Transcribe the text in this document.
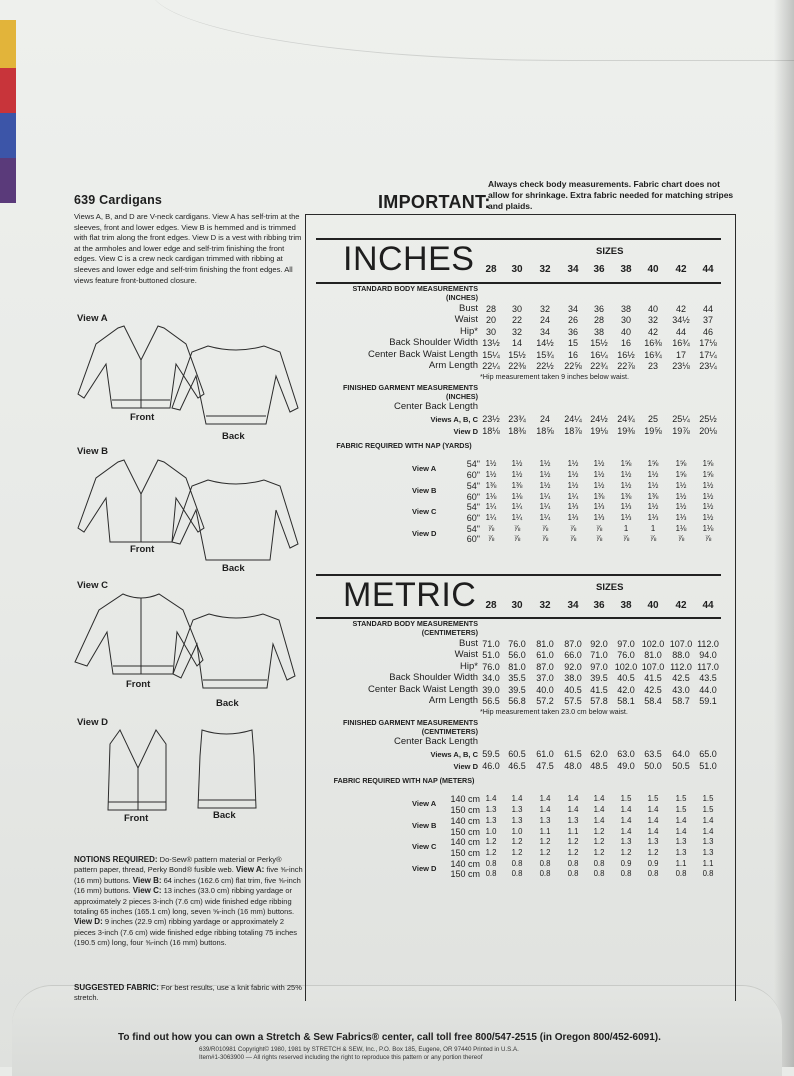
639 Cardigans

Views A, B, and D are V-neck cardigans. View A has self-trim at the sleeves, front and lower edges. View B is hemmed and is trimmed with flat trim along the front edges. View D is a vest with ribbing trim at the armholes and lower edge and self-trim finishing the front edges. View C is a crew neck cardigan trimmed with ribbing at sleeves and lower edge and self-trim finishing the front edges. All views feature front-buttoned closure.

View A
Front
Back
View B
Front
Back
View C
Front
Back
View D
Front	Back

NOTIONS REQUIRED: Do-Sew® pattern material or Perky® pattern paper, thread, Perky Bond® fusible web. View A: five ⅝-inch (16 mm) buttons. View B: 64 inches (162.6 cm) flat trim, five ⅝-inch (16 mm) buttons. View C: 13 inches (33.0 cm) ribbing yardage or approximately 2 pieces 3-inch (7.6 cm) wide finished edge ribbing totaling 65 inches (165.1 cm) long, seven ⅝-inch (16 mm) buttons. View D: 9 inches (22.9 cm) ribbing yardage or approximately 2 pieces 3-inch (7.6 cm) wide finished edge ribbing totaling 75 inches (190.5 cm) long, four ⅝-inch (16 mm) buttons.

SUGGESTED FABRIC: For best results, use a knit fabric with 25% stretch.

IMPORTANT:

Always check body measurements. Fabric chart does not allow for shrinkage. Extra fabric needed for matching stripes and plaids.

INCHES	SIZES
METRIC	SIZES

To find out how you can own a Stretch & Sew Fabrics® center, call toll free 800/547-2515 (in Oregon 800/452-6091).

639/R010981 Copyright© 1980, 1981 by STRETCH & SEW, Inc., P.O. Box 185, Eugene, OR 97440 Printed in U.S.A.
Item#1-3063900 — All rights reserved including the right to reproduce this pattern or any portion thereof

28	30	32	34	36	38	40	42	44
28	30	32	34	36	38	40	42	44
STANDARD BODY MEASUREMENTS (INCHES)
Bust 28	30	32	34	36	38	40	42	44
Waist 20	22	24	26	28	30	32	34½	37
Hip* 30	32	34	36	38	40	42	44	46
Back Shoulder Width 13½	14	14½	15	15½	16	16⅜	16¾	17⅛
Center Back Waist Length 15¼ 15½	15¾	16	16¼	16½	16¾	17	17¼
Arm Length 22¼ 22⅜	22½	22⅝ 22¾	22⅞	23	23⅛	23¼
*Hip measurement taken 9 inches below waist.
FINISHED GARMENT MEASUREMENTS (INCHES)
Center Back Length
Views A, B, C 23½ 23¾	24	24¼ 24½	24¾	25	25¼	25½
View D 18⅛ 18⅜	18⅝	18⅞ 19⅛	19⅜	19⅝	19⅞	20⅛
FABRIC REQUIRED WITH NAP (YARDS)
View A	54" 1½	1½	1½	1½	1½	1⅝	1⅝	1⅝	1⅝
60" 1½	1½	1½	1½	1½	1½	1½	1⅝	1⅝
View B	54" 1⅜	1⅜	1½	1½	1½	1½	1½	1½	1½
60" 1⅛	1⅛	1¼	1¼	1⅜	1⅜	1⅜	1½	1½
View C	54" 1¼	1¼	1¼	1⅓	1⅓	1⅓	1½	1½	1½
60" 1¼	1¼	1¼	1⅓	1⅓	1⅓	1⅓	1⅓	1½
View D	54" ⅞	⅞	⅞	⅞	⅞	1	1	1⅛	1⅛
60" ⅞	⅞	⅞	⅞	⅞	⅞	⅞	⅞	⅞
STANDARD BODY MEASUREMENTS (CENTIMETERS)
Bust 71.0 76.0	81.0	87.0 92.0	97.0 102.0 107.0 112.0
Waist 51.0 56.0	61.0	66.0 71.0	76.0	81.0	88.0	94.0
Hip* 76.0 81.0	87.0	92.0 97.0 102.0 107.0 112.0 117.0
Back Shoulder Width 34.0 35.5	37.0	38.0 39.5	40.5	41.5	42.5	43.5
Center Back Waist Length 39.0 39.5	40.0	40.5 41.5	42.0	42.5	43.0	44.0
Arm Length 56.5 56.8	57.2	57.5 57.8	58.1	58.4	58.7	59.1
*Hip measurement taken 23.0 cm below waist.
FINISHED GARMENT MEASUREMENTS (CENTIMETERS)
Center Back Length
Views A, B, C 59.5 60.5	61.0	61.5 62.0	63.0	63.5	64.0	65.0
View D 46.0 46.5	47.5	48.0 48.5	49.0	50.0	50.5	51.0
FABRIC REQUIRED WITH NAP (METERS)
View A 140 cm 1.4	1.4	1.4	1.4	1.4	1.5	1.5	1.5	1.5
150 cm 1.3	1.3	1.4	1.4	1.4	1.4	1.4	1.5	1.5
View B 140 cm 1.3	1.3	1.3	1.3	1.4	1.4	1.4	1.4	1.4
150 cm 1.0	1.0	1.1	1.1	1.2	1.4	1.4	1.4	1.4
View C 140 cm 1.2	1.2	1.2	1.2	1.2	1.3	1.3	1.3	1.3
150 cm 1.2	1.2	1.2	1.2	1.2	1.2	1.2	1.3	1.3
View D 140 cm 0.8	0.8	0.8	0.8	0.8	0.9	0.9	1.1	1.1
150 cm 0.8	0.8	0.8	0.8	0.8	0.8	0.8	0.8	0.8
